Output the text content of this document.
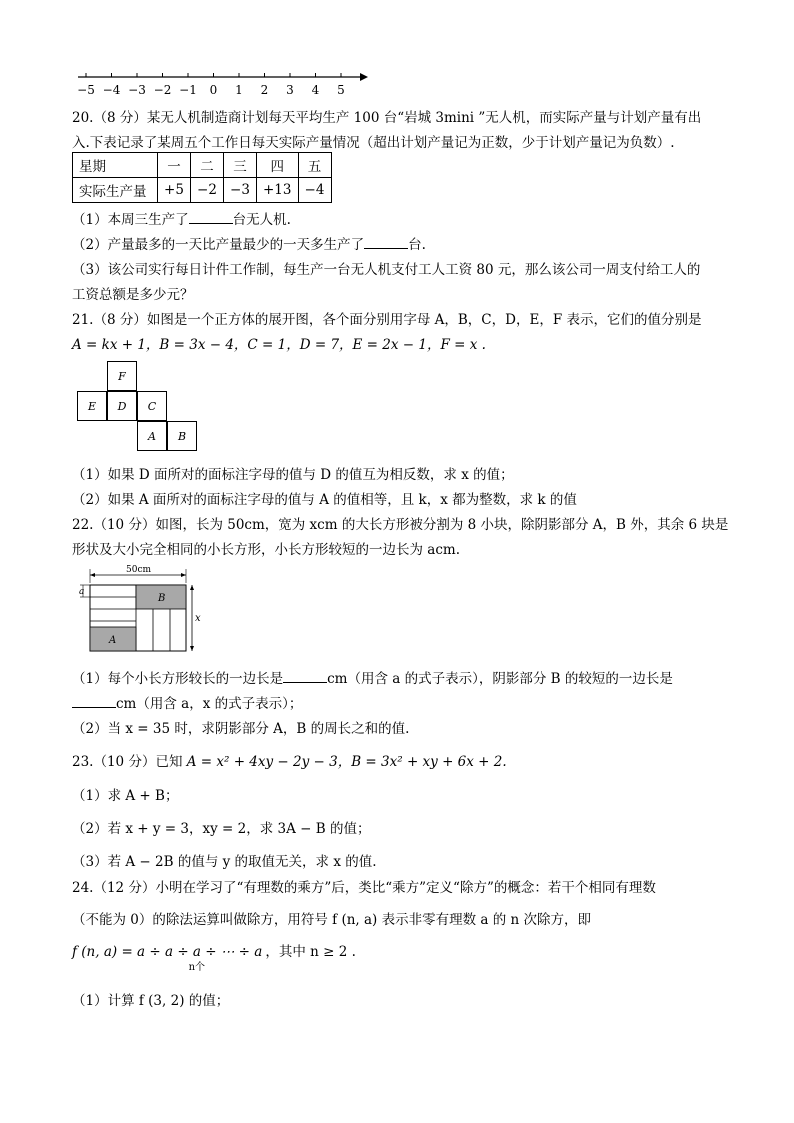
−5 −4 −3 −2 −1 0 1 2 3 4 5
20.（8 分）某无人机制造商计划每天平均生产 100 台“岩城 3mini ”无人机，而实际产量与计划产量有出
入.下表记录了某周五个工作日每天实际产量情况（超出计划产量记为正数，少于计划产量记为负数）.
星期	一	二	三	四	五
实际生产量	+5	−2	−3	+13	−4
（1）本周三生产了	台无人机.
（2）产量最多的一天比产量最少的一天多生产了	台.
（3）该公司实行每日计件工作制，每生产一台无人机支付工人工资 80 元，那么该公司一周支付给工人的
工资总额是多少元？
21.（8 分）如图是一个正方体的展开图，各个面分别用字母 A，B，C，D，E，F 表示，它们的值分别是
A = kx + 1，B = 3x − 4，C = 1，D = 7，E = 2x − 1，F = x .
F
E	D	C
A	B
（1）如果 D 面所对的面标注字母的值与 D 的值互为相反数，求 x 的值；
（2）如果 A 面所对的面标注字母的值与 A 的值相等，且 k，x 都为整数，求 k 的值
22.（10 分）如图，长为 50cm，宽为 xcm 的大长方形被分割为 8 小块，除阴影部分 A，B 外，其余 6 块是
形状及大小完全相同的小长方形，小长方形较短的一边长为 acm.
50cm
a
A
B
x
（1）每个小长方形较长的一边长是	cm（用含 a 的式子表示），阴影部分 B 的较短的一边长是
cm（用含 a，x 的式子表示）；
（2）当 x = 35 时，求阴影部分 A，B 的周长之和的值.
23.（10 分）已知 A = x² + 4xy − 2y − 3，B = 3x² + xy + 6x + 2.
（1）求 A + B；
（2）若 x + y = 3，xy = 2，求 3A − B 的值；
（3）若 A − 2B 的值与 y 的取值无关，求 x 的值.
24.（12 分）小明在学习了“有理数的乘方”后，类比“乘方”定义“除方”的概念：若干个相同有理数
（不能为 0）的除法运算叫做除方，用符号 f (n, a) 表示非零有理数 a 的 n 次除方，即
f (n, a) = a ÷ a ÷ a ÷ ⋯ ÷ a $_{n个}$ ，其中 n ≥ 2 .
（1）计算 f (3, 2) 的值；
